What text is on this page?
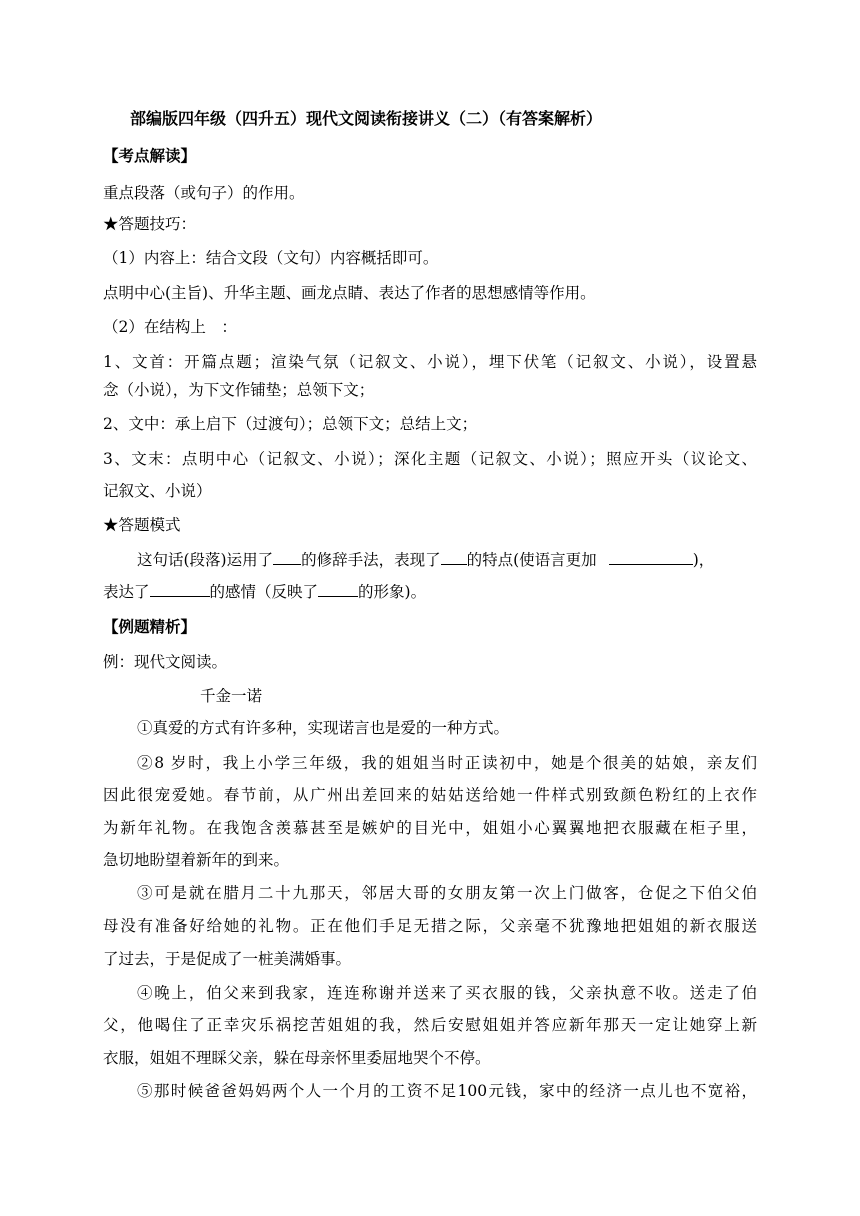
部编版四年级（四升五）现代文阅读衔接讲义（二）（有答案解析）
【考点解读】
重点段落（或句子）的作用。
★答题技巧：
（1）内容上：结合文段（文句）内容概括即可。
点明中心(主旨)、升华主题、画龙点睛、表达了作者的思想感情等作用。
（2）在结构上　：
1、文首：开篇点题；渲染气氛（记叙文、小说），埋下伏笔（记叙文、小说），设置悬
念（小说），为下文作铺垫；总领下文；
2、文中：承上启下（过渡句）；总领下文；总结上文；
3、文末：点明中心（记叙文、小说）；深化主题（记叙文、小说）；照应开头（议论文、
记叙文、小说）
★答题模式
这句话(段落)运用了 的修辞手法，表现了 的特点(使语言更加	)，
表达了	的感情（反映了	的形象)。
【例题精析】
例：现代文阅读。
千金一诺
①真爱的方式有许多种，实现诺言也是爱的一种方式。
②8 岁时，我上小学三年级，我的姐姐当时正读初中，她是个很美的姑娘，亲友们
因此很宠爱她。春节前，从广州出差回来的姑姑送给她一件样式别致颜色粉红的上衣作
为新年礼物。在我饱含羡慕甚至是嫉妒的目光中，姐姐小心翼翼地把衣服藏在柜子里，
急切地盼望着新年的到来。
③可是就在腊月二十九那天，邻居大哥的女朋友第一次上门做客，仓促之下伯父伯
母没有准备好给她的礼物。正在他们手足无措之际，父亲毫不犹豫地把姐姐的新衣服送
了过去，于是促成了一桩美满婚事。
④晚上，伯父来到我家，连连称谢并送来了买衣服的钱，父亲执意不收。送走了伯
父，他喝住了正幸灾乐祸挖苦姐姐的我，然后安慰姐姐并答应新年那天一定让她穿上新
衣服，姐姐不理睬父亲，躲在母亲怀里委屈地哭个不停。
⑤那时候爸爸妈妈两个人一个月的工资不足100元钱，家中的经济一点儿也不宽裕，
